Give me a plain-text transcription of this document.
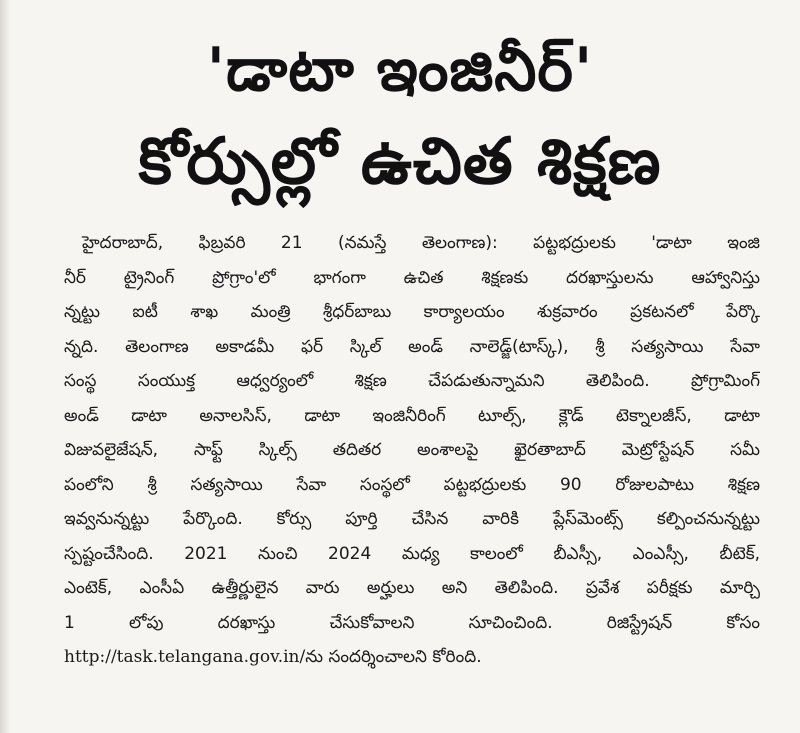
'డాటా ఇంజినీర్'
కోర్సుల్లో ఉచిత శిక్షణ
హైదరాబాద్, ఫిబ్రవరి 21 (నమస్తే తెలంగాణ): పట్టభద్రులకు 'డాటా ఇంజి
నీర్ ట్రైనింగ్ ప్రోగ్రాం'లో భాగంగా ఉచిత శిక్షణకు దరఖాస్తులను ఆహ్వానిస్తు
న్నట్టు ఐటీ శాఖ మంత్రి శ్రీధర్‌బాబు కార్యాలయం శుక్రవారం ప్రకటనలో పేర్కొ
న్నది. తెలంగాణ అకాడమీ ఫర్ స్కిల్ అండ్ నాలెడ్జ్(టాస్క్), శ్రీ సత్యసాయి సేవా
సంస్థ సంయుక్త ఆధ్వర్యంలో శిక్షణ చేపడుతున్నామని తెలిపింది. ప్రోగ్రామింగ్
అండ్ డాటా అనాలసిస్, డాటా ఇంజినీరింగ్ టూల్స్, క్లౌడ్ టెక్నాలజీస్, డాటా
విజువలైజేషన్, సాఫ్ట్ స్కిల్స్ తదితర అంశాలపై ఖైరతాబాద్ మెట్రోస్టేషన్ సమీ
పంలోని శ్రీ సత్యసాయి సేవా సంస్థలో పట్టభద్రులకు 90 రోజులపాటు శిక్షణ
ఇవ్వనున్నట్టు పేర్కొంది. కోర్సు పూర్తి చేసిన వారికి ప్లేస్‌మెంట్స్ కల్పించనున్నట్టు
స్పష్టంచేసింది. 2021 నుంచి 2024 మధ్య కాలంలో బీఎస్సీ, ఎంఎస్సీ, బీటెక్,
ఎంటెక్, ఎంసీఏ ఉత్తీర్ణులైన వారు అర్హులు అని తెలిపింది. ప్రవేశ పరీక్షకు మార్చి
1 లోపు దరఖాస్తు చేసుకోవాలని సూచించింది. రిజిస్ట్రేషన్ కోసం
http://task.telangana.gov.in/ను సందర్శించాలని కోరింది.
